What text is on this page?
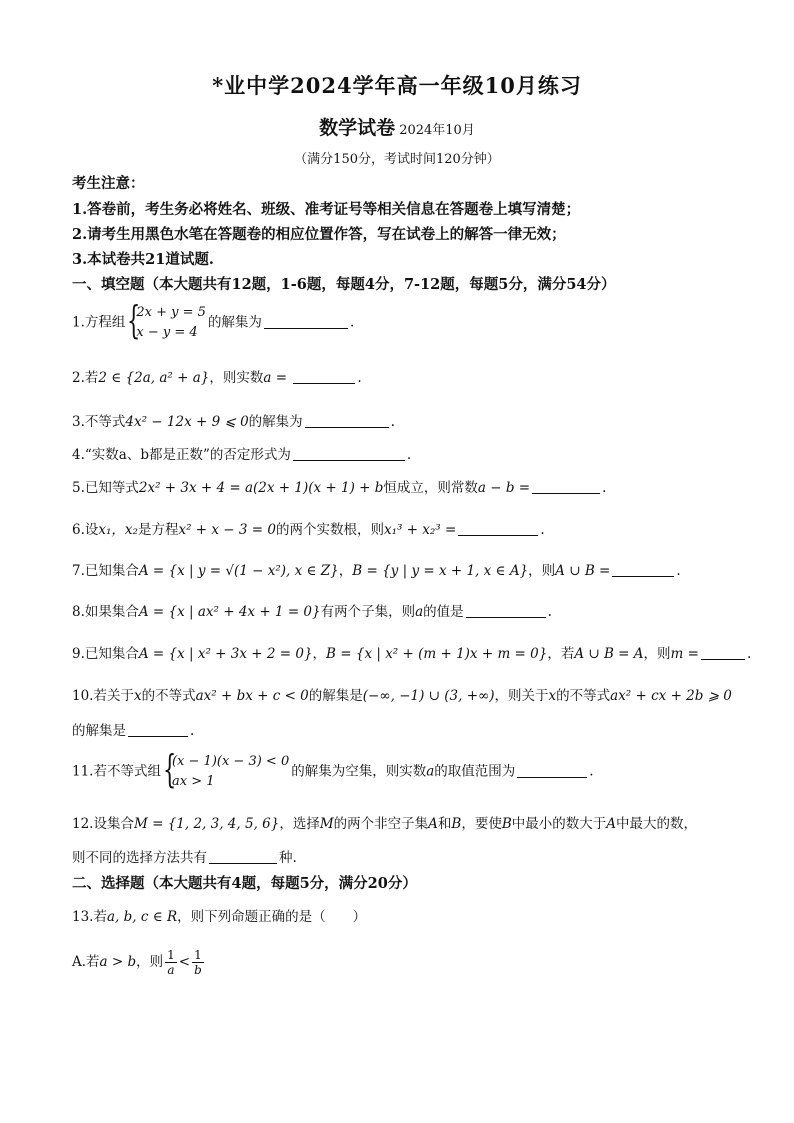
*业中学2024学年高一年级10月练习
数学试卷 2024年10月
（满分150分，考试时间120分钟）
考生注意：
1.答卷前，考生务必将姓名、班级、准考证号等相关信息在答题卷上填写清楚；
2.请考生用黑色水笔在答题卷的相应位置作答，写在试卷上的解答一律无效；
3.本试卷共21道试题.
一、填空题（本大题共有12题，1-6题，每题4分，7-12题，每题5分，满分54分）
1.方程组 {
2x + y = 5
x − y = 4
的解集为	.
2.若2 ∈ {2a, a² + a}，则实数a =	.
3.不等式4x² − 12x + 9 ⩽ 0的解集为	.
4.“实数a、b都是正数”的否定形式为	.
5.已知等式2x² + 3x + 4 = a(2x + 1)(x + 1) + b恒成立，则常数a − b =	.
6.设x₁，x₂是方程x² + x − 3 = 0的两个实数根，则x₁³ + x₂³ =	.
7.已知集合A = {x | y = √(1 − x²), x ∈ Z}，B = {y | y = x + 1, x ∈ A}，则A ∪ B =	.
8.如果集合A = {x | ax² + 4x + 1 = 0}有两个子集，则a的值是	.
9.已知集合A = {x | x² + 3x + 2 = 0}，B = {x | x² + (m + 1)x + m = 0}，若A ∪ B = A，则m =	.
10.若关于x的不等式ax² + bx + c < 0的解集是(−∞, −1) ∪ (3, +∞)，则关于x的不等式ax² + cx + 2b ⩾ 0
的解集是	.
11.若不等式组 {
(x − 1)(x − 3) < 0
ax > 1
的解集为空集，则实数a的取值范围为	.
12.设集合M = {1, 2, 3, 4, 5, 6}，选择M的两个非空子集A和B，要使B中最小的数大于A中最大的数，
则不同的选择方法共有	种.
二、选择题（本大题共有4题，每题5分，满分20分）
13.若a, b, c ∈ R，则下列命题正确的是（　　）
A.若a > b，则 $\frac{1}{a} < \frac{1}{b}$
